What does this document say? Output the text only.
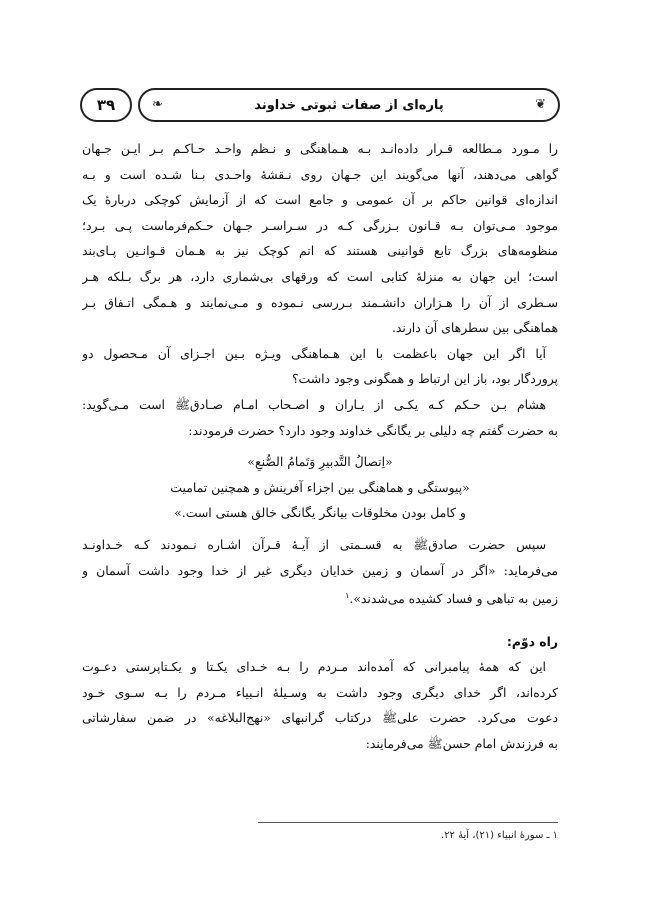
۳۹	❦
پاره‌ای از صفات ثبوتی خداوند
❧
را مـورد مـطالعه قـرار داده‌انـد بـه هـماهنگی و نـظم واحـد حـاکـم بـر ایـن جـهان
گواهی می‌دهند، آنها می‌گویند این جـهان روی نـقشهٔ واحـدی بـنا شـده است و بـه
اندازه‌ای قوانین حاکم بر آن عمومی و جامع است که از آزمایش کوچکی دربارهٔ یک
موجود مـی‌توان بـه قـانون بـزرگی کـه در سـراسـر جـهان حـکم‌فرماست پـی بـرد؛
منظومه‌های بزرگ تابع قوانینی هستند که اتم کوچک نیز به هـمان قـوانـین پـای‌بند
است؛ این جهان به منزلهٔ کتابی است که ورقهای بی‌شماری دارد، هر برگ بـلکه هـر
سـطری از آن را هـزاران دانشـمند بـررسی نـموده و مـی‌نمایند و هـمگی اتـفاق بـر
هماهنگی بین سطرهای آن دارند.
آیا اگر این جهان باعظمت با این هـماهنگی ویـژه بـین اجـزای آن مـحصول دو
پروردگار بود، باز این ارتباط و همگونی وجود داشت؟
هشام بـن حـکم کـه یکـی از یـاران و اصـحاب امـام صـادق‌ﷺ است مـی‌گوید:
به حضرت گفتم چه دلیلی بر یگانگی خداوند وجود دارد؟ حضرت فرمودند:
«اِتصالُ التَّدبیرِ وَتَمامُ الصُّنعِ»
«پیوستگی و هماهنگی بین اجزاء آفرینش و همچنین تمامیت
و کامل بودن مخلوقات بیانگر یگانگی خالق هستی است.»
سپس حضرت صادق‌ﷺ به قسـمتی از آیـهٔ قـرآن اشـاره نـمودند کـه خـداونـد
می‌فرماید: «اگر در آسمان و زمین خدایان دیگری غیر از خدا وجود داشت آسمان و
زمین به تباهی و فساد کشیده می‌شدند».$^١$
راه دوّم:
این که همهٔ پیامبرانی که آمده‌اند مـردم را بـه خـدای یکـتا و یکـتاپرستی دعـوت
کرده‌اند، اگر خدای دیگری وجود داشت به وسـیلهٔ انـبیاء مـردم را بـه سـوی خـود
دعوت می‌کرد. حضرت علی‌ﷺ درکتاب گرانبهای «نهج‌البلاغه» در ضمن سفارشاتی
به فرزندش امام حسن‌ﷺ می‌فرمایند:
١ ـ سورهٔ انبیاء (٢١)، آیهٔ ٢٢.
